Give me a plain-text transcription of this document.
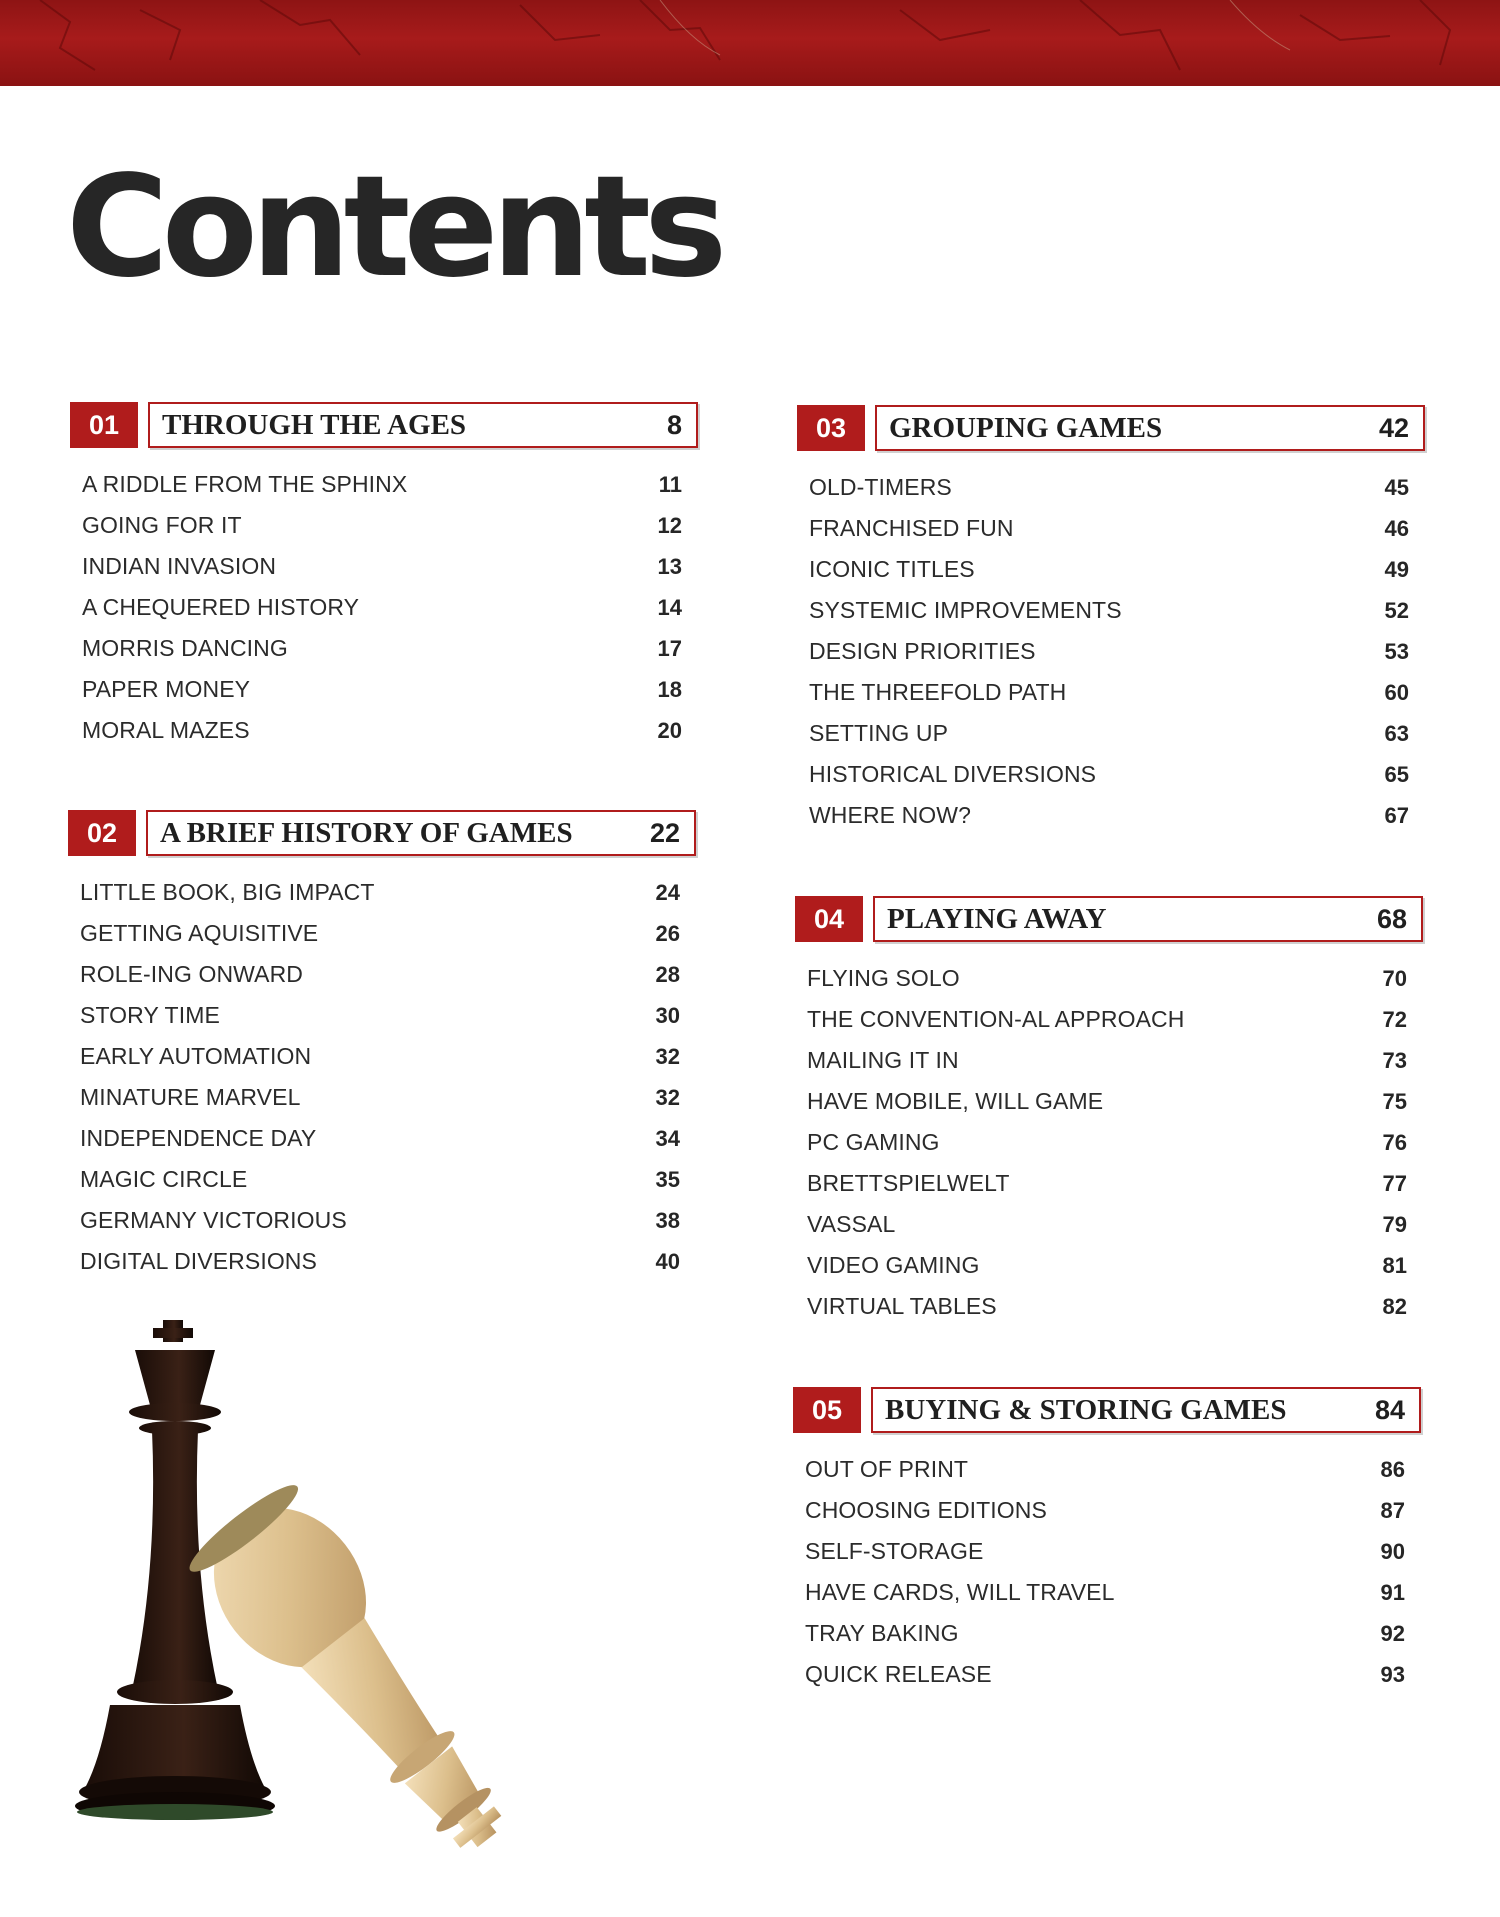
Contents
01	THROUGH THE AGES	8
A RIDDLE FROM THE SPHINX	11
GOING FOR IT	12
INDIAN INVASION	13
A CHEQUERED HISTORY	14
MORRIS DANCING	17
PAPER MONEY	18
MORAL MAZES	20
02	A BRIEF HISTORY OF GAMES	22
LITTLE BOOK, BIG IMPACT	24
GETTING AQUISITIVE	26
ROLE-ING ONWARD	28
STORY TIME	30
EARLY AUTOMATION	32
MINATURE MARVEL	32
INDEPENDENCE DAY	34
MAGIC CIRCLE	35
GERMANY VICTORIOUS	38
DIGITAL DIVERSIONS	40
03	GROUPING GAMES	42
OLD-TIMERS	45
FRANCHISED FUN	46
ICONIC TITLES	49
SYSTEMIC IMPROVEMENTS	52
DESIGN PRIORITIES	53
THE THREEFOLD PATH	60
SETTING UP	63
HISTORICAL DIVERSIONS	65
WHERE NOW?	67
04	PLAYING AWAY	68
FLYING SOLO	70
THE CONVENTION-AL APPROACH	72
MAILING IT IN	73
HAVE MOBILE, WILL GAME	75
PC GAMING	76
BRETTSPIELWELT	77
VASSAL	79
VIDEO GAMING	81
VIRTUAL TABLES	82
05	BUYING & STORING GAMES	84
OUT OF PRINT	86
CHOOSING EDITIONS	87
SELF-STORAGE	90
HAVE CARDS, WILL TRAVEL	91
TRAY BAKING	92
QUICK RELEASE	93
